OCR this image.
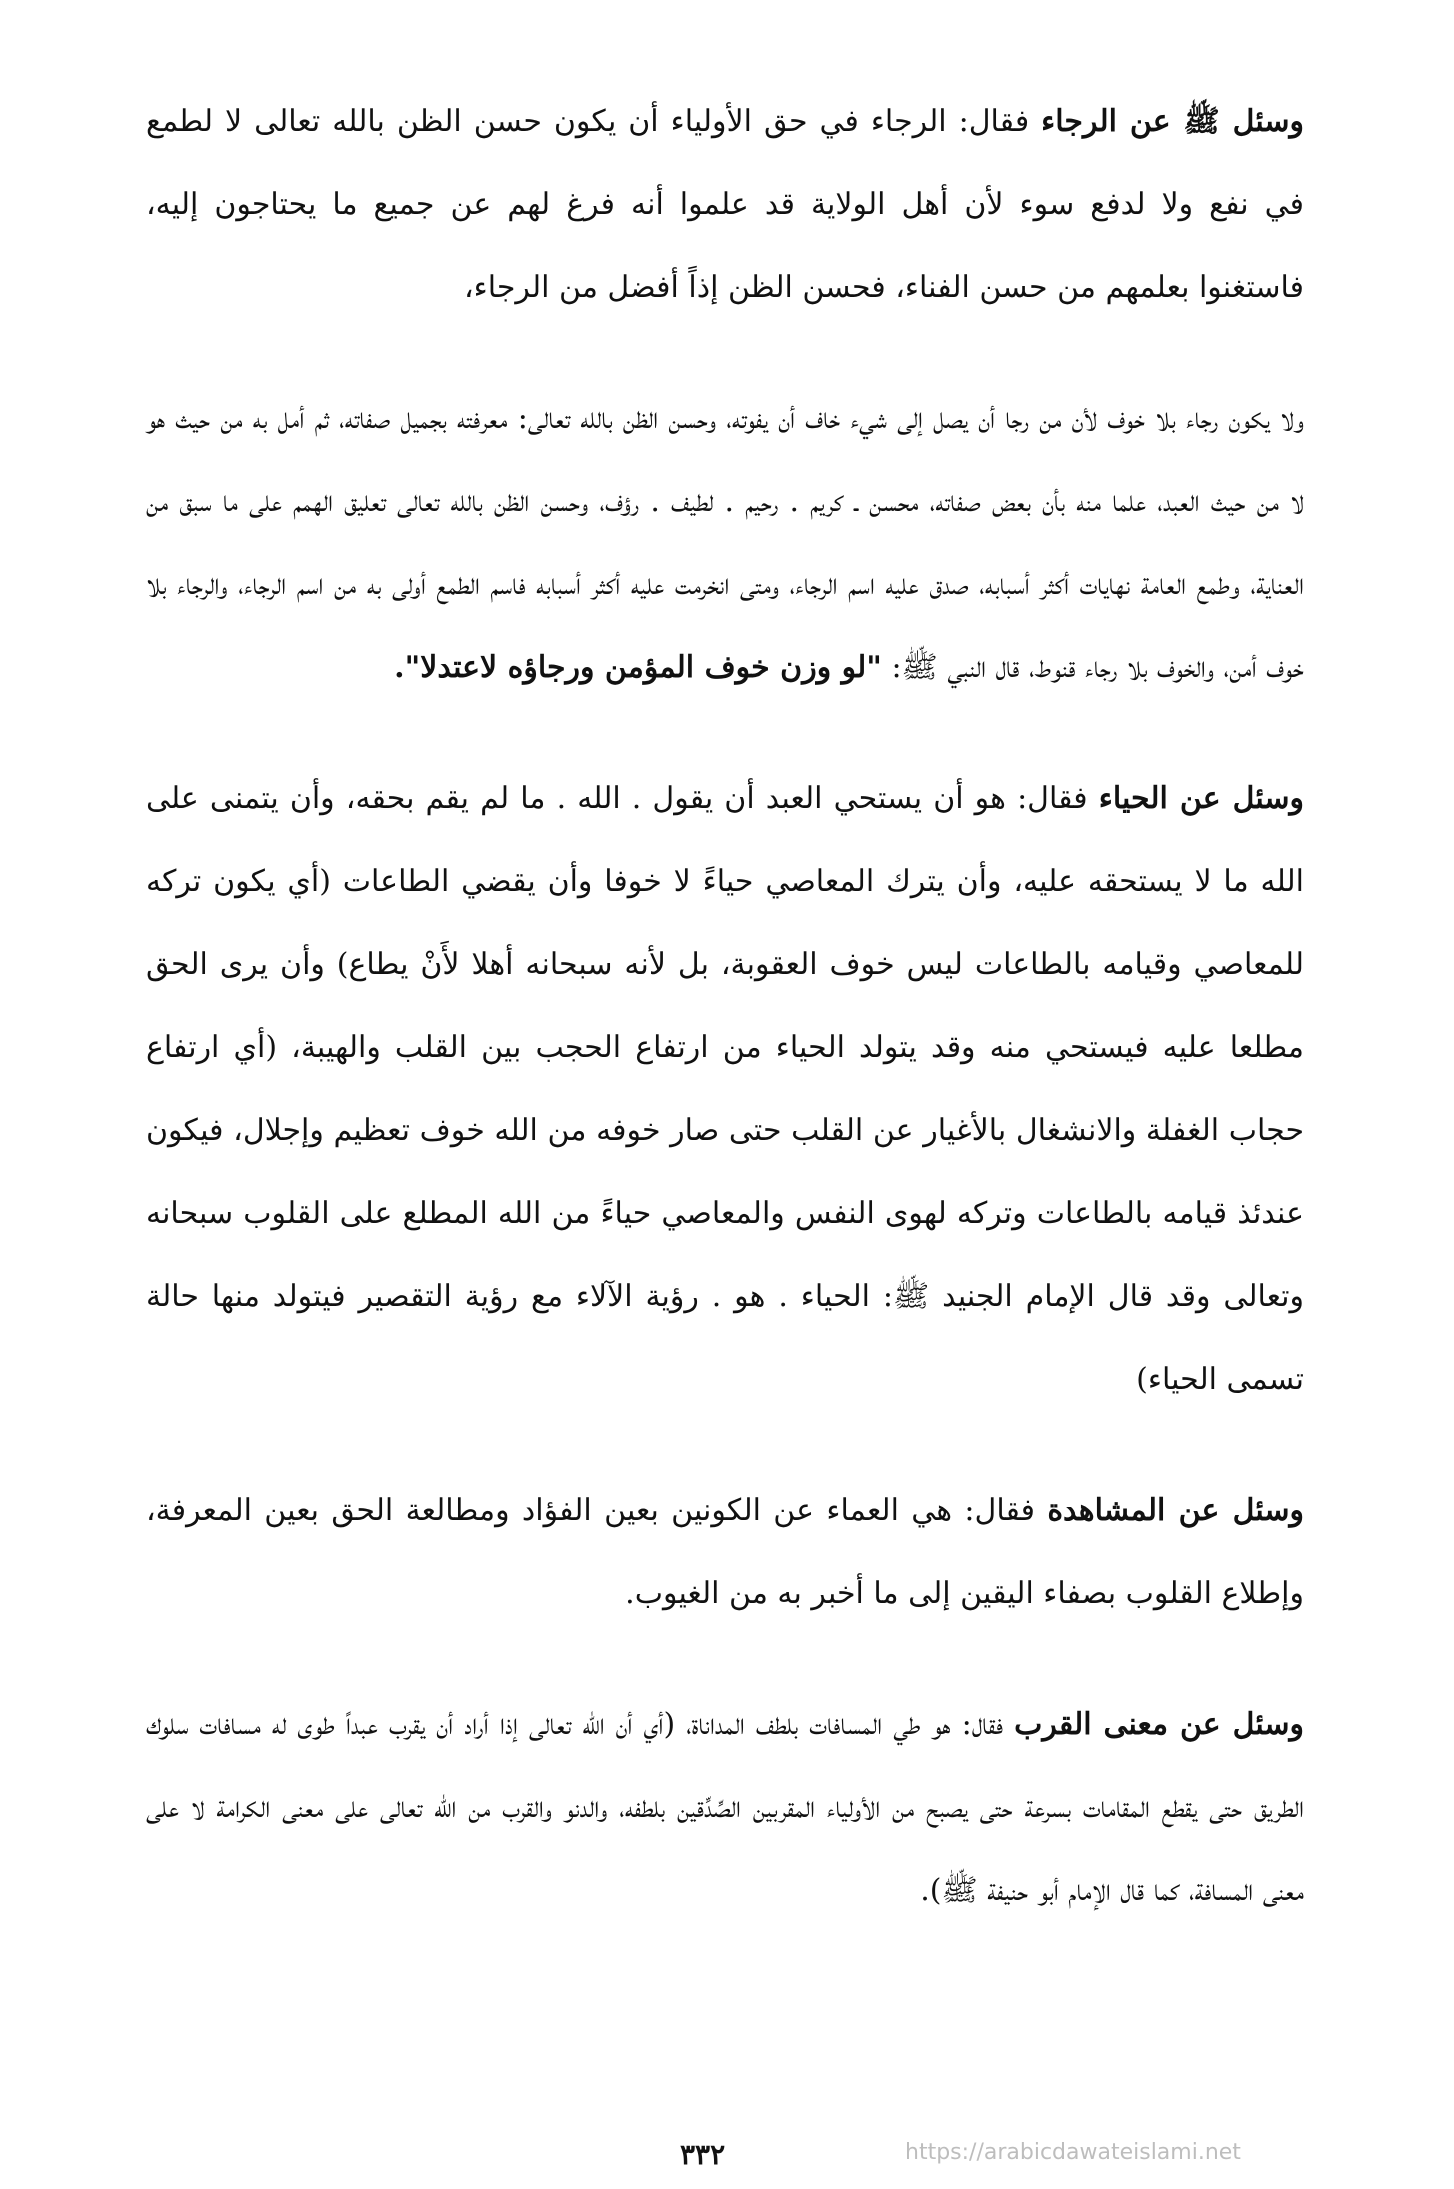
وسئل ﷺ عن الرجاء فقال: الرجاء في حق الأولياء أن يكون حسن الظن بالله تعالى لا لطمع في نفع ولا لدفع سوء لأن أهل الولاية قد علموا أنه فرغ لهم عن جميع ما يحتاجون إليه، فاستغنوا بعلمهم من حسن الفناء، فحسن الظن إذاً أفضل من الرجاء،

ولا يكون رجاء بلا خوف لأن من رجا أن يصل إلى شيء خاف أن يفوته، وحسن الظن بالله تعالى: معرفته بجميل صفاته، ثم أمل به من حيث هو لا من حيث العبد، علما منه بأن بعض صفاته، محسن ـ كريم . رحيم . لطيف . رؤف، وحسن الظن بالله تعالى تعليق الهمم على ما سبق من العناية، وطمع العامة نهايات أكثر أسبابه، صدق عليه اسم الرجاء، ومتى انخرمت عليه أكثر أسبابه فاسم الطمع أولى به من اسم الرجاء، والرجاء بلا خوف أمن، والخوف بلا رجاء قنوط، قال النبي ﷺ: "لو وزن خوف المؤمن ورجاؤه لاعتدلا".

وسئل عن الحياء فقال: هو أن يستحي العبد أن يقول . الله . ما لم يقم بحقه، وأن يتمنى على الله ما لا يستحقه عليه، وأن يترك المعاصي حياءً لا خوفا وأن يقضي الطاعات (أي يكون تركه للمعاصي وقيامه بالطاعات ليس خوف العقوبة، بل لأنه سبحانه أهلا لأَنْ يطاع) وأن يرى الحق مطلعا عليه فيستحي منه وقد يتولد الحياء من ارتفاع الحجب بين القلب والهيبة، (أي ارتفاع حجاب الغفلة والانشغال بالأغيار عن القلب حتى صار خوفه من الله خوف تعظيم وإجلال، فيكون عندئذ قيامه بالطاعات وتركه لهوى النفس والمعاصي حياءً من الله المطلع على القلوب سبحانه وتعالى وقد قال الإمام الجنيد ﷺ: الحياء . هو . رؤية الآلاء مع رؤية التقصير فيتولد منها حالة تسمى الحياء)

وسئل عن المشاهدة فقال: هي العماء عن الكونين بعين الفؤاد ومطالعة الحق بعين المعرفة، وإطلاع القلوب بصفاء اليقين إلى ما أخبر به من الغيوب.

وسئل عن معنى القرب فقال: هو طي المسافات بلطف المداناة، (أي أن الله تعالى إذا أراد أن يقرب عبداً طوى له مسافات سلوك الطريق حتى يقطع المقامات بسرعة حتى يصبح من الأولياء المقربين الصِّدِّقين بلطفه، والدنو والقرب من الله تعالى على معنى الكرامة لا على معنى المسافة، كما قال الإمام أبو حنيفة ﷺ).

٣٣٢	https://arabicdawateislami.net
